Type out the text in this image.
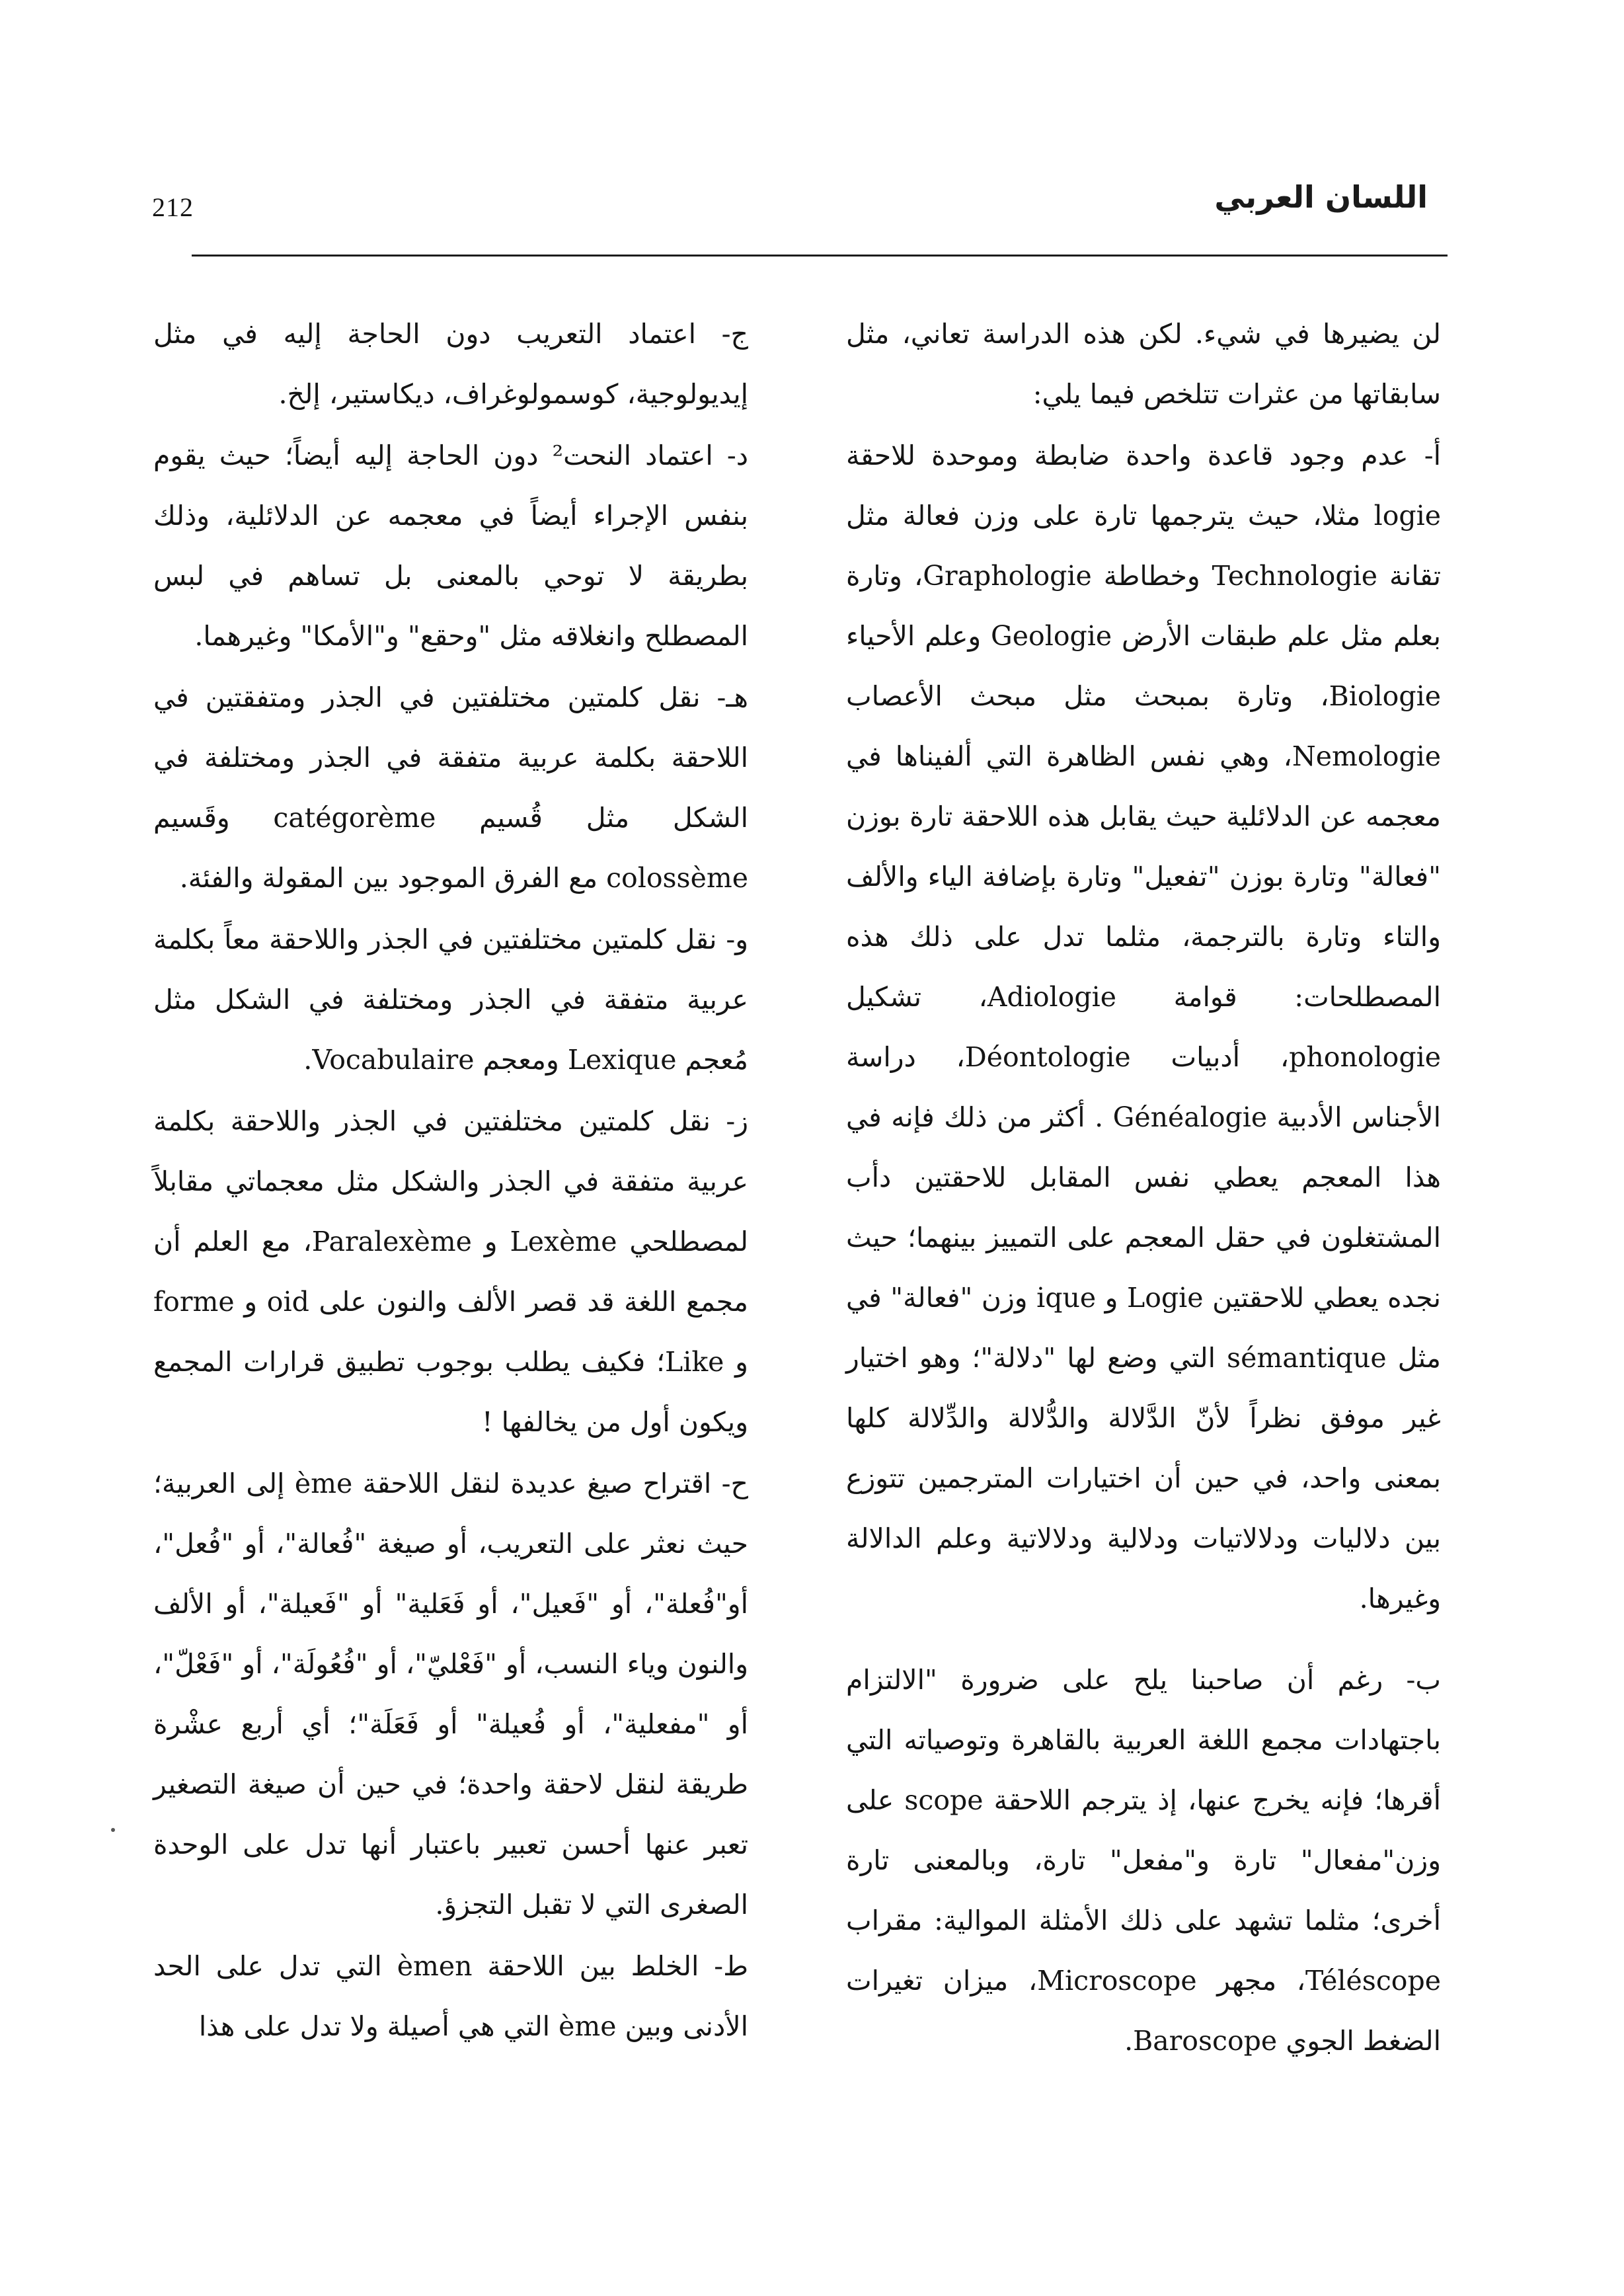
212	اللسان العربي

لن يضيرها في شيء. لكن هذه الدراسة تعاني، مثل سابقاتها من عثرات تتلخص فيما يلي:

أ- عدم وجود قاعدة واحدة ضابطة وموحدة للاحقة logie مثلا، حيث يترجمها تارة على وزن فعالة مثل تقانة Technologie وخطاطة Graphologie، وتارة بعلم مثل علم طبقات الأرض Geologie وعلم الأحياء Biologie، وتارة بمبحث مثل مبحث الأعصاب Nemologie، وهي نفس الظاهرة التي ألفيناها في معجمه عن الدلائلية حيث يقابل هذه اللاحقة تارة بوزن "فعالة" وتارة بوزن "تفعيل" وتارة بإضافة الياء والألف والتاء وتارة بالترجمة، مثلما تدل على ذلك هذه المصطلحات: قوامة Adiologie، تشكيل phonologie، أدبيات Déontologie، دراسة الأجناس الأدبية Généalogie . أكثر من ذلك فإنه في هذا المعجم يعطي نفس المقابل للاحقتين دأب المشتغلون في حقل المعجم على التمييز بينهما؛ حيث نجده يعطي للاحقتين Logie و ique وزن "فعالة" في مثل sémantique التي وضع لها "دلالة"؛ وهو اختيار غير موفق نظراً لأنّ الدَّلالة والدُّلالة والدِّلالة كلها بمعنى واحد، في حين أن اختيارات المترجمين تتوزع بين دلاليات ودلالاتيات ودلالية ودلالاتية وعلم الدالالة وغيرها.

ب- رغم أن صاحبنا يلح على ضرورة "الالتزام باجتهادات مجمع اللغة العربية بالقاهرة وتوصياته التي أقرها؛ فإنه يخرج عنها، إذ يترجم اللاحقة scope على وزن"مفعال" تارة و"مفعل" تارة، وبالمعنى تارة أخرى؛ مثلما تشهد على ذلك الأمثلة الموالية: مقراب Téléscope، مجهر Microscope، ميزان تغيرات الضغط الجوي Baroscope.

ج- اعتماد التعريب دون الحاجة إليه في مثل إيديولوجية، كوسمولوغراف، ديكاستير، إلخ.

د- اعتماد النحت² دون الحاجة إليه أيضاً؛ حيث يقوم بنفس الإجراء أيضاً في معجمه عن الدلائلية، وذلك بطريقة لا توحي بالمعنى بل تساهم في لبس المصطلح وانغلاقه مثل "وحقع" و"الأمكا" وغيرهما.

هـ- نقل كلمتين مختلفتين في الجذر ومتفقتين في اللاحقة بكلمة عربية متفقة في الجذر ومختلفة في الشكل مثل قُسيم catégorème وقَسيم colossème مع الفرق الموجود بين المقولة والفئة.

و- نقل كلمتين مختلفتين في الجذر واللاحقة معاً بكلمة عربية متفقة في الجذر ومختلفة في الشكل مثل مُعجم Lexique ومعجم Vocabulaire.

ز- نقل كلمتين مختلفتين في الجذر واللاحقة بكلمة عربية متفقة في الجذر والشكل مثل معجماتي مقابلاً لمصطلحي Lexème و Paralexème، مع العلم أن مجمع اللغة قد قصر الألف والنون على oid و forme و Like؛ فكيف يطلب بوجوب تطبيق قرارات المجمع ويكون أول من يخالفها !

ح- اقتراح صيغ عديدة لنقل اللاحقة ème إلى العربية؛ حيث نعثر على التعريب، أو صيغة "فُعالة"، أو "فُعل"، أو"فُعلة"، أو "فَعيل"، أو فَعَلية" أو "فَعيلة"، أو الألف والنون وياء النسب، أو "فَعْليّ"، أو "فُعُولَة"، أو "فَعْلّ"، أو "مفعلية"، أو فُعيلة" أو فَعَلَة"؛ أي أربع عشْرة طريقة لنقل لاحقة واحدة؛ في حين أن صيغة التصغير تعبر عنها أحسن تعبير باعتبار أنها تدل على الوحدة الصغرى التي لا تقبل التجزؤ.

ط- الخلط بين اللاحقة èmen التي تدل على الحد الأدنى وبين ème التي هي أصيلة ولا تدل على هذا
